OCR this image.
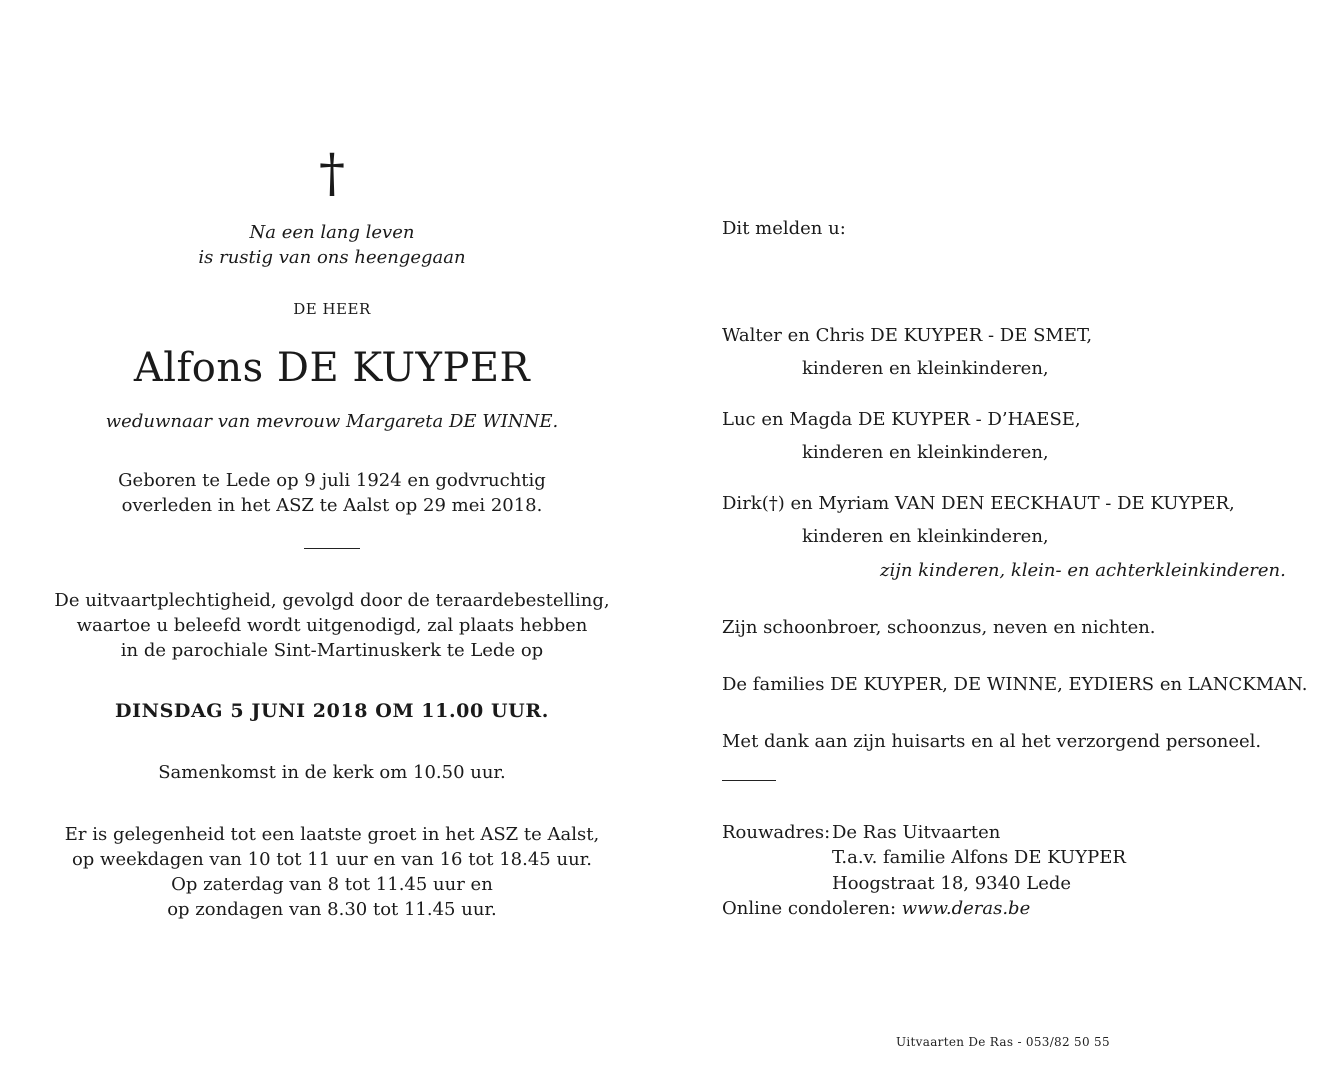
†
Na een lang leven
is rustig van ons heengegaan
DE HEER
Alfons DE KUYPER
weduwnaar van mevrouw Margareta DE WINNE.
Geboren te Lede op 9 juli 1924 en godvruchtig
overleden in het ASZ te Aalst op 29 mei 2018.
De uitvaartplechtigheid, gevolgd door de teraardebestelling,
waartoe u beleefd wordt uitgenodigd, zal plaats hebben
in de parochiale Sint-Martinuskerk te Lede op
DINSDAG 5 JUNI 2018 OM 11.00 UUR.
Samenkomst in de kerk om 10.50 uur.
Er is gelegenheid tot een laatste groet in het ASZ te Aalst,
op weekdagen van 10 tot 11 uur en van 16 tot 18.45 uur.
Op zaterdag van 8 tot 11.45 uur en
op zondagen van 8.30 tot 11.45 uur.
Dit melden u:
Walter en Chris DE KUYPER - DE SMET,
kinderen en kleinkinderen,
Luc en Magda DE KUYPER - D’HAESE,
kinderen en kleinkinderen,
Dirk(†) en Myriam VAN DEN EECKHAUT - DE KUYPER,
kinderen en kleinkinderen,
zijn kinderen, klein- en achterkleinkinderen.
Zijn schoonbroer, schoonzus, neven en nichten.
De families DE KUYPER, DE WINNE, EYDIERS en LANCKMAN.
Met dank aan zijn huisarts en al het verzorgend personeel.
Rouwadres: De Ras Uitvaarten
T.a.v. familie Alfons DE KUYPER
Hoogstraat 18, 9340 Lede
Online condoleren: www.deras.be
Uitvaarten De Ras - 053/82 50 55
